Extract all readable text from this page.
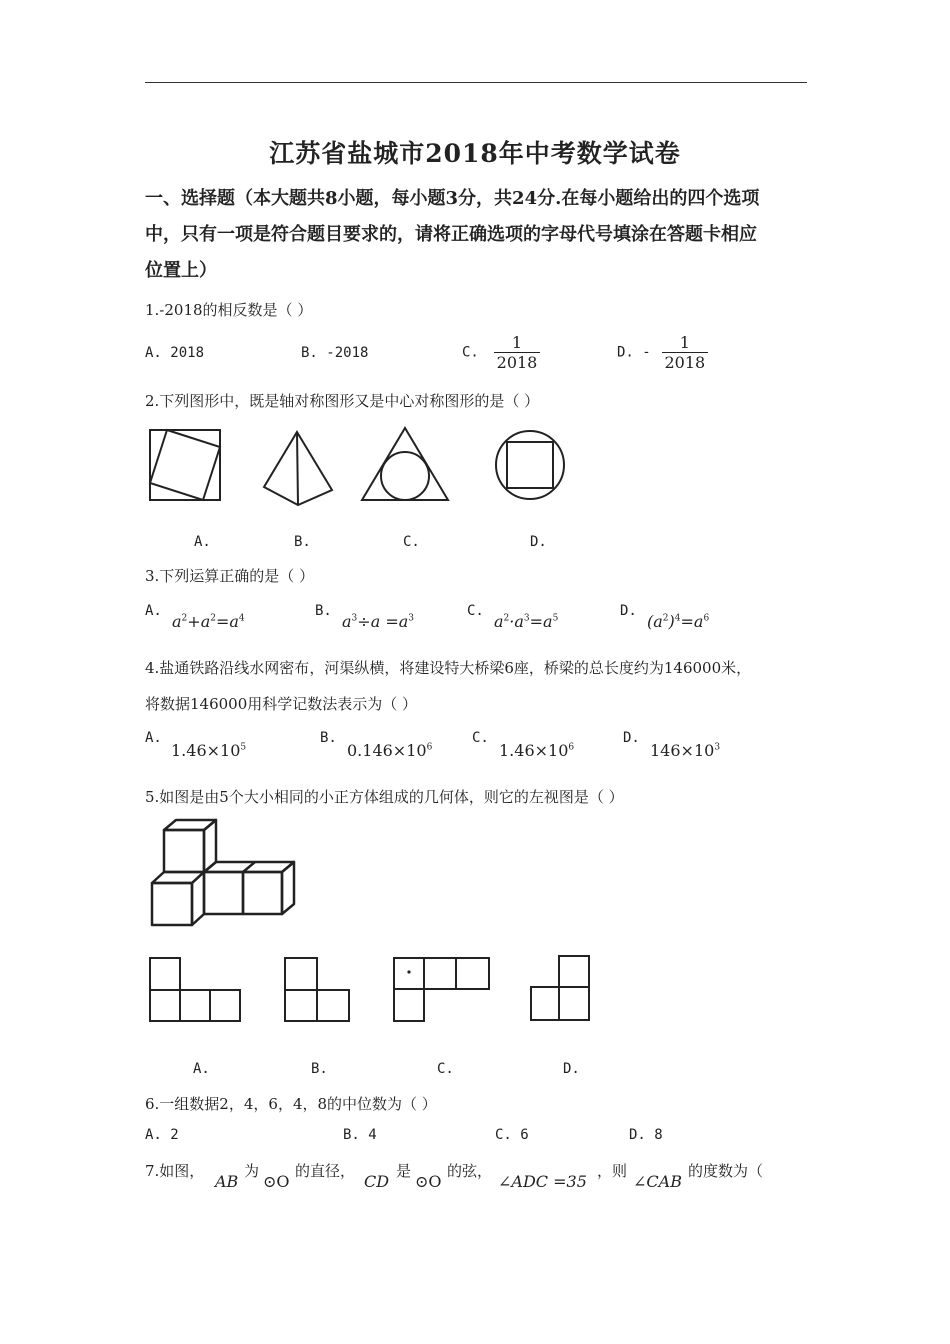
江苏省盐城市2018年中考数学试卷
一、选择题（本大题共8小题，每小题3分，共24分.在每小题给出的四个选项
中，只有一项是符合题目要求的，请将正确选项的字母代号填涂在答题卡相应
位置上）
1.-2018的相反数是（ ）
A. 2018	B. -2018	C. $\frac{1}{2018}$	D. - $\frac{1}{2018}$
2.下列图形中，既是轴对称图形又是中心对称图形的是（ ）
A.	B.	C.	D.
3.下列运算正确的是（ ）
A.
$a^2+a^2=a^4$	B.
$a^3\div a =a^3$	C.
$a^2\cdot a^3=a^5$	D.
$(a^2)^4=a^6$
4.盐通铁路沿线水网密布，河渠纵横，将建设特大桥梁6座，桥梁的总长度约为146000米，
将数据146000用科学记数法表示为（ ）
A.
$1.46\times 10^5$
B.
$0.146\times 10^6$
C.
$1.46\times 10^6$
D.
$146\times 10^3$
5.如图是由5个大小相同的小正方体组成的几何体，则它的左视图是（ ）
A.	B.	C.	D.
6.一组数据2，4，6，4，8的中位数为（ ）
A. 2	B. 4	C. 6	D. 8
7.如图，
AB
为
⊙O
的直径，
CD
是
⊙O
的弦，
∠ADC =35
，则
∠CAB
的度数为（
